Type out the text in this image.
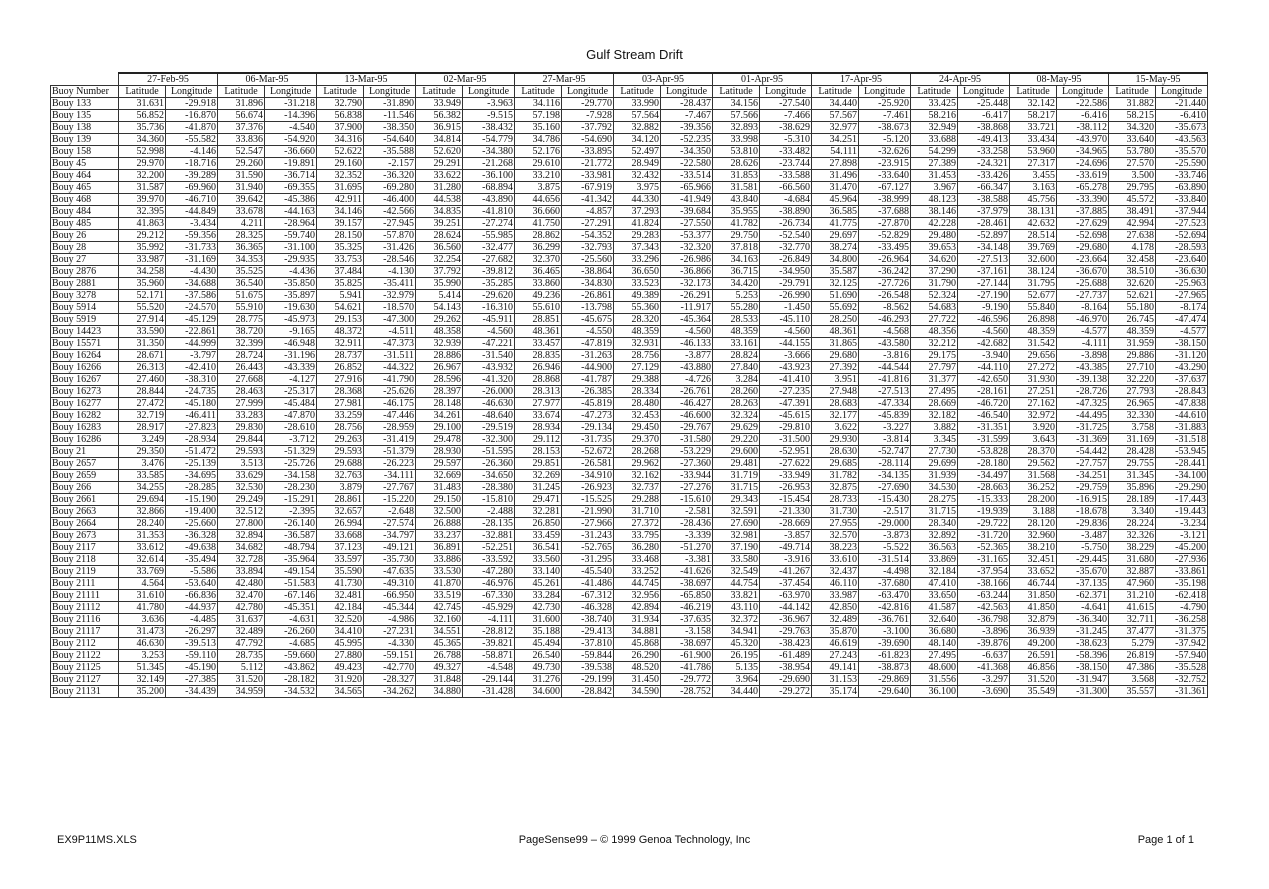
Gulf Stream Drift
	27-Feb-95		06-Mar-95		13-Mar-95		02-Mar-95		27-Mar-95		03-Apr-95		01-Apr-95		17-Apr-95		24-Apr-95		08-May-95		15-May-95	
Buoy Number	Latitude	Longitude	Latitude	Longitude	Latitude	Longitude	Latitude	Longitude	Latitude	Longitude	Latitude	Longitude	Latitude	Longitude	Latitude	Longitude	Latitude	Longitude	Latitude	Longitude	Latitude	Longitude
Bouy 133	31.631	-29.918	31.896	-31.218	32.790	-31.890	33.949	-3.963	34.116	-29.770	33.990	-28.437	34.156	-27.540	34.440	-25.920	33.425	-25.448	32.142	-22.586	31.882	-21.440
Bouy 135	56.852	-16.870	56.674	-14.396	56.838	-11.546	56.382	-9.515	57.198	-7.928	57.564	-7.467	57.566	-7.466	57.567	-7.461	58.216	-6.417	58.217	-6.416	58.215	-6.410
Bouy 138	35.736	-41.870	37.376	-4.540	37.900	-38.350	36.915	-38.432	35.160	-37.792	32.882	-39.356	32.893	-38.629	32.977	-38.673	32.949	-38.868	33.721	-38.112	34.320	-35.673
Bouy 139	34.360	-55.582	33.836	-54.920	34.316	-54.640	34.814	-54.779	34.786	-54.690	34.120	-52.235	33.998	-5.310	34.251	-5.120	33.688	-49.413	33.434	-43.970	33.640	-43.563
Bouy 158	52.998	-4.146	52.547	-36.660	52.622	-35.588	52.620	-34.380	52.176	-33.895	52.497	-34.350	53.810	-33.482	54.111	-32.626	54.299	-33.258	53.960	-34.965	53.780	-35.570
Bouy 45	29.970	-18.716	29.260	-19.891	29.160	-2.157	29.291	-21.268	29.610	-21.772	28.949	-22.580	28.626	-23.744	27.898	-23.915	27.389	-24.321	27.317	-24.696	27.570	-25.590
Bouy 464	32.200	-39.289	31.590	-36.714	32.352	-36.320	33.622	-36.100	33.210	-33.981	32.432	-33.514	31.853	-33.588	31.496	-33.640	31.453	-33.426	3.455	-33.619	3.500	-33.746
Bouy 465	31.587	-69.960	31.940	-69.355	31.695	-69.280	31.280	-68.894	3.875	-67.919	3.975	-65.966	31.581	-66.560	31.470	-67.127	3.967	-66.347	3.163	-65.278	29.795	-63.890
Bouy 468	39.970	-46.710	39.642	-45.386	42.911	-46.400	44.538	-43.890	44.656	-41.342	44.330	-41.949	43.840	-4.684	45.964	-38.999	48.123	-38.588	45.756	-33.390	45.572	-33.840
Bouy 484	32.395	-44.849	33.678	-44.163	34.146	-42.566	34.835	-41.810	36.660	-4.857	37.293	-39.684	35.955	-38.890	36.585	-37.688	38.146	-37.979	38.131	-37.885	38.491	-37.944
Bouy 485	41.863	-3.434	4.211	-28.964	39.157	-27.945	39.251	-27.274	41.750	-27.291	41.824	-27.550	41.782	-26.734	41.775	-27.870	42.228	-28.461	42.632	-27.629	42.994	-27.523
Bouy 26	29.212	-59.356	28.325	-59.740	28.150	-57.870	28.624	-55.985	28.862	-54.352	29.283	-53.377	29.750	-52.540	29.697	-52.829	29.480	-52.897	28.514	-52.698	27.638	-52.694
Bouy 28	35.992	-31.733	36.365	-31.100	35.325	-31.426	36.560	-32.477	36.299	-32.793	37.343	-32.320	37.818	-32.770	38.274	-33.495	39.653	-34.148	39.769	-29.680	4.178	-28.593
Bouy 27	33.987	-31.169	34.353	-29.935	33.753	-28.546	32.254	-27.682	32.370	-25.560	33.296	-26.986	34.163	-26.849	34.800	-26.964	34.620	-27.513	32.600	-23.664	32.458	-23.640
Bouy 2876	34.258	-4.430	35.525	-4.436	37.484	-4.130	37.792	-39.812	36.465	-38.864	36.650	-36.866	36.715	-34.950	35.587	-36.242	37.290	-37.161	38.124	-36.670	38.510	-36.630
Bouy 2881	35.960	-34.688	36.540	-35.850	35.825	-35.411	35.990	-35.285	33.860	-34.830	33.523	-32.173	34.420	-29.791	32.125	-27.726	31.790	-27.144	31.795	-25.688	32.620	-25.963
Bouy 3278	52.171	-37.586	51.675	-35.897	5.941	-32.979	5.414	-29.620	49.236	-26.861	49.389	-26.291	5.253	-26.990	51.690	-26.548	52.324	-27.190	52.677	-27.737	52.621	-27.965
Bouy 5914	55.520	-24.570	55.910	-19.630	54.621	-18.570	54.143	-16.310	55.610	-13.798	55.360	-11.917	55.280	-1.450	55.692	-8.562	54.683	-9.190	55.840	-8.164	55.180	-8.174
Bouy 5919	27.914	-45.129	28.775	-45.973	29.153	-47.300	29.262	-45.911	28.851	-45.675	28.320	-45.364	28.533	-45.110	28.250	-46.293	27.722	-46.596	26.898	-46.970	26.745	-47.474
Bouy 14423	33.590	-22.861	38.720	-9.165	48.372	-4.511	48.358	-4.560	48.361	-4.550	48.359	-4.560	48.359	-4.560	48.361	-4.568	48.356	-4.560	48.359	-4.577	48.359	-4.577
Bouy 15571	31.350	-44.999	32.399	-46.948	32.911	-47.373	32.939	-47.221	33.457	-47.819	32.931	-46.133	33.161	-44.155	31.865	-43.580	32.212	-42.682	31.542	-4.111	31.959	-38.150
Bouy 16264	28.671	-3.797	28.724	-31.196	28.737	-31.511	28.886	-31.540	28.835	-31.263	28.756	-3.877	28.824	-3.666	29.680	-3.816	29.175	-3.940	29.656	-3.898	29.886	-31.120
Bouy 16266	26.313	-42.410	26.443	-43.339	26.852	-44.322	26.967	-43.932	26.946	-44.900	27.129	-43.880	27.840	-43.923	27.392	-44.544	27.797	-44.110	27.272	-43.385	27.710	-43.290
Bouy 16267	27.460	-38.310	27.668	-4.127	27.916	-41.790	28.596	-41.320	28.868	-41.787	29.388	-4.726	3.284	-41.410	3.951	-41.816	31.377	-42.650	31.930	-39.138	32.220	-37.637
Bouy 16273	28.844	-24.735	28.463	-25.317	28.368	-25.626	28.397	-26.000	28.313	-26.385	28.334	-26.761	28.260	-27.235	27.948	-27.513	27.495	-28.161	27.251	-28.726	27.793	-28.843
Bouy 16277	27.472	-45.180	27.999	-45.484	27.981	-46.175	28.148	-46.630	27.977	-45.819	28.480	-46.427	28.263	-47.391	28.683	-47.334	28.669	-46.720	27.162	-47.325	26.965	-47.838
Bouy 16282	32.719	-46.411	33.283	-47.870	33.259	-47.446	34.261	-48.640	33.674	-47.273	32.453	-46.600	32.324	-45.615	32.177	-45.839	32.182	-46.540	32.972	-44.495	32.330	-44.610
Bouy 16283	28.917	-27.823	29.830	-28.610	28.756	-28.959	29.100	-29.519	28.934	-29.134	29.450	-29.767	29.629	-29.810	3.622	-3.227	3.882	-31.351	3.920	-31.725	3.758	-31.883
Bouy 16286	3.249	-28.934	29.844	-3.712	29.263	-31.419	29.478	-32.300	29.112	-31.735	29.370	-31.580	29.220	-31.500	29.930	-3.814	3.345	-31.599	3.643	-31.369	31.169	-31.518
Bouy 21	29.350	-51.472	29.593	-51.329	29.593	-51.379	28.930	-51.595	28.153	-52.672	28.268	-53.229	29.600	-52.951	28.630	-52.747	27.730	-53.828	28.370	-54.442	28.428	-53.945
Bouy 2657	3.476	-25.139	3.513	-25.726	29.688	-26.223	29.597	-26.360	29.851	-26.581	29.962	-27.360	29.481	-27.622	29.685	-28.114	29.699	-28.180	29.562	-27.757	29.755	-28.441
Bouy 2659	33.585	-34.695	33.629	-34.158	32.763	-34.111	32.669	-34.650	32.269	-34.910	32.162	-33.944	31.719	-33.949	31.782	-34.135	31.939	-34.497	31.568	-34.251	31.345	-34.100
Bouy 266	34.255	-28.285	32.530	-28.230	3.879	-27.767	31.483	-28.380	31.245	-26.923	32.737	-27.276	31.715	-26.953	32.875	-27.690	34.530	-28.663	36.252	-29.759	35.896	-29.290
Bouy 2661	29.694	-15.190	29.249	-15.291	28.861	-15.220	29.150	-15.810	29.471	-15.525	29.288	-15.610	29.343	-15.454	28.733	-15.430	28.275	-15.333	28.200	-16.915	28.189	-17.443
Bouy 2663	32.866	-19.400	32.512	-2.395	32.657	-2.648	32.500	-2.488	32.281	-21.990	31.710	-2.581	32.591	-21.330	31.730	-2.517	31.715	-19.939	3.188	-18.678	3.340	-19.443
Bouy 2664	28.240	-25.660	27.800	-26.140	26.994	-27.574	26.888	-28.135	26.850	-27.966	27.372	-28.436	27.690	-28.669	27.955	-29.000	28.340	-29.722	28.120	-29.836	28.224	-3.234
Bouy 2673	31.353	-36.328	32.894	-36.587	33.668	-34.797	33.237	-32.881	33.459	-31.243	33.795	-3.339	32.981	-3.857	32.570	-3.873	32.892	-31.720	32.960	-3.487	32.326	-3.121
Bouy 2117	33.612	-49.638	34.682	-48.794	37.123	-49.121	36.891	-52.251	36.541	-52.765	36.280	-51.270	37.190	-49.714	38.223	-5.522	36.563	-52.365	38.210	-5.750	38.229	-45.200
Bouy 2118	32.614	-35.494	32.728	-35.964	33.597	-35.730	33.886	-33.592	33.560	-31.295	33.468	-3.381	33.580	-3.916	33.610	-31.514	33.869	-31.165	32.451	-29.445	31.680	-27.936
Bouy 2119	33.769	-5.586	33.894	-49.154	35.590	-47.635	33.530	-47.280	33.140	-45.540	33.252	-41.626	32.549	-41.267	32.437	-4.498	32.184	-37.954	33.652	-35.670	32.887	-33.861
Bouy 2111	4.564	-53.640	42.480	-51.583	41.730	-49.310	41.870	-46.976	45.261	-41.486	44.745	-38.697	44.754	-37.454	46.110	-37.680	47.410	-38.166	46.744	-37.135	47.960	-35.198
Bouy 21111	31.610	-66.836	32.470	-67.146	32.481	-66.950	33.519	-67.330	33.284	-67.312	32.956	-65.850	33.821	-63.970	33.987	-63.470	33.650	-63.244	31.850	-62.371	31.210	-62.418
Bouy 21112	41.780	-44.937	42.780	-45.351	42.184	-45.344	42.745	-45.929	42.730	-46.328	42.894	-46.219	43.110	-44.142	42.850	-42.816	41.587	-42.563	41.850	-4.641	41.615	-4.790
Bouy 21116	3.636	-4.485	31.637	-4.631	32.520	-4.986	32.160	-4.111	31.600	-38.740	31.934	-37.635	32.372	-36.967	32.489	-36.761	32.640	-36.798	32.879	-36.340	32.711	-36.258
Bouy 21117	31.473	-26.297	32.489	-26.260	34.410	-27.231	34.551	-28.812	35.188	-29.413	34.881	-3.158	34.941	-29.763	35.870	-3.100	36.680	-3.896	36.939	-31.245	37.477	-31.375
Bouy 2112	46.630	-39.513	47.792	-4.685	45.995	-4.330	45.365	-39.821	45.494	-37.810	45.868	-38.697	45.320	-38.423	46.619	-39.690	48.140	-39.876	49.200	-38.623	5.279	-37.942
Bouy 21122	3.253	-59.110	28.735	-59.660	27.880	-59.151	26.788	-58.871	26.540	-59.844	26.290	-61.900	26.195	-61.489	27.243	-61.823	27.495	-6.637	26.591	-58.396	26.819	-57.940
Bouy 21125	51.345	-45.190	5.112	-43.862	49.423	-42.770	49.327	-4.548	49.730	-39.538	48.520	-41.786	5.135	-38.954	49.141	-38.873	48.600	-41.368	46.856	-38.150	47.386	-35.528
Bouy 21127	32.149	-27.385	31.520	-28.182	31.920	-28.327	31.848	-29.144	31.276	-29.199	31.450	-29.772	3.964	-29.690	31.153	-29.869	31.556	-3.297	31.520	-31.947	3.568	-32.752
Bouy 21131	35.200	-34.439	34.959	-34.532	34.565	-34.262	34.880	-31.428	34.600	-28.842	34.590	-28.752	34.440	-29.272	35.174	-29.640	36.100	-3.690	35.549	-31.300	35.557	-31.361
EX9P11MS.XLS	PageSense99 – © 1999 Genoa Technology, Inc	Page 1 of 1
